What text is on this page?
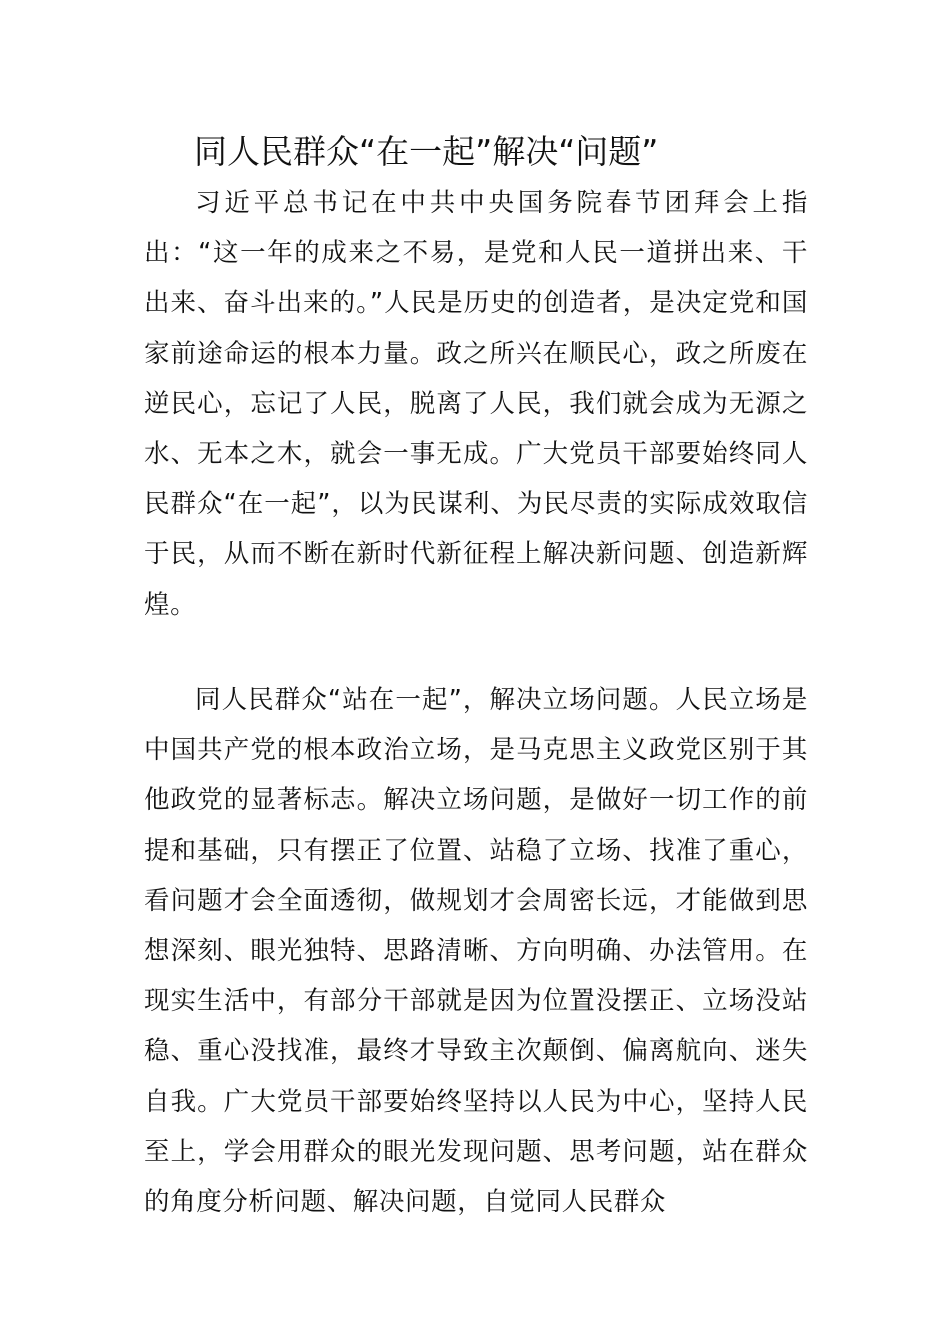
同人民群众“在一起”解决“问题”

习近平总书记在中共中央国务院春节团拜会上指出：“这一年的成来之不易，是党和人民一道拼出来、干出来、奋斗出来的。”人民是历史的创造者，是决定党和国家前途命运的根本力量。政之所兴在顺民心，政之所废在逆民心，忘记了人民，脱离了人民，我们就会成为无源之水、无本之木，就会一事无成。广大党员干部要始终同人民群众“在一起”，以为民谋利、为民尽责的实际成效取信于民，从而不断在新时代新征程上解决新问题、创造新辉煌。

同人民群众“站在一起”，解决立场问题。人民立场是中国共产党的根本政治立场，是马克思主义政党区别于其他政党的显著标志。解决立场问题，是做好一切工作的前提和基础，只有摆正了位置、站稳了立场、找准了重心，看问题才会全面透彻，做规划才会周密长远，才能做到思想深刻、眼光独特、思路清晰、方向明确、办法管用。在现实生活中，有部分干部就是因为位置没摆正、立场没站稳、重心没找准，最终才导致主次颠倒、偏离航向、迷失自我。广大党员干部要始终坚持以人民为中心，坚持人民至上，学会用群众的眼光发现问题、思考问题，站在群众的角度分析问题、解决问题，自觉同人民群众
